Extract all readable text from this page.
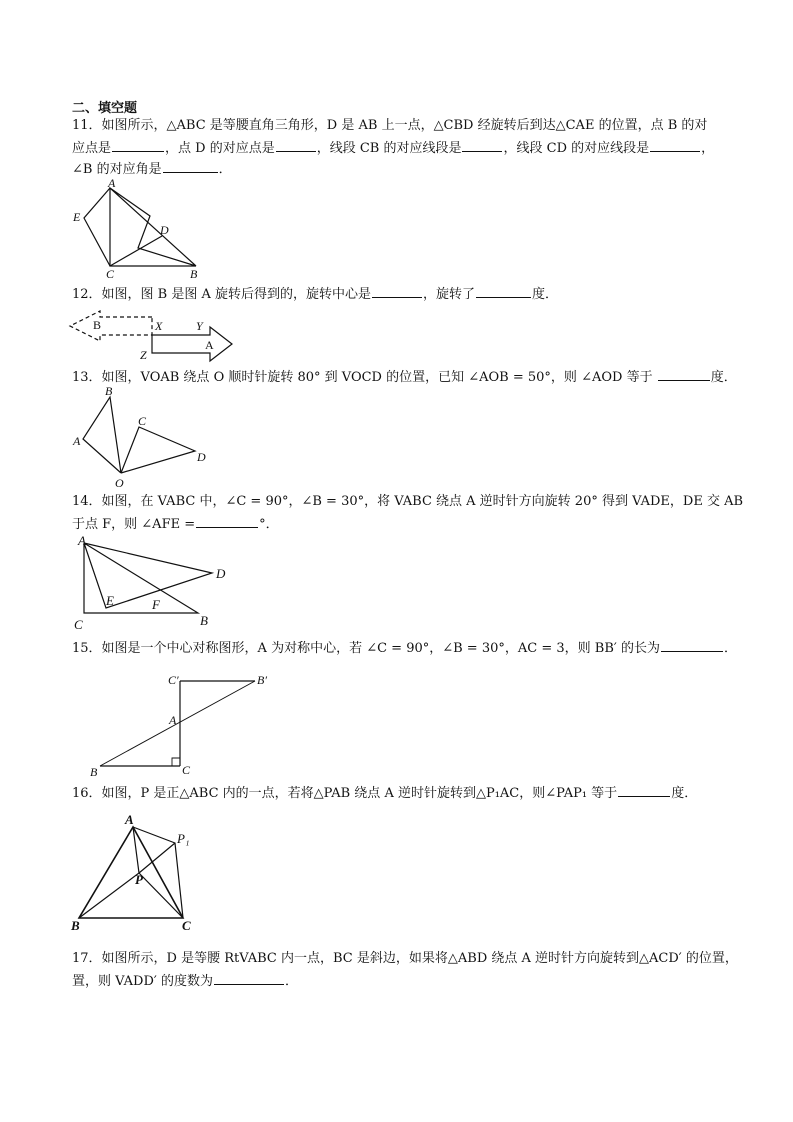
二、填空题
11．如图所示，△ABC 是等腰直角三角形，D 是 AB 上一点，△CBD 经旋转后到达△CAE 的位置，点 B 的对
应点是	，点 D 的对应点是	，线段 CB 的对应线段是	，线段 CD 的对应线段是	，
∠B 的对应角是	．
A
E
D
C	B
12．如图，图 B 是图 A 旋转后得到的，旋转中心是	，旋转了	度．
B	X	Y
A
Z
13．如图，VOAB 绕点 O 顺时针旋转 80° 到 VOCD 的位置，已知 ∠AOB = 50°，则 ∠AOD 等于	度．
B
C
A
D
O
14．如图，在 VABC 中，∠C = 90°，∠B = 30°，将 VABC 绕点 A 逆时针方向旋转 20° 得到 VADE，DE 交 AB
于点 F，则 ∠AFE =	°．
A
D
E	F
C	B
15．如图是一个中心对称图形，A 为对称中心，若 ∠C = 90°，∠B = 30°，AC = 3，则 BB′ 的长为	．
C′	B′
A
B	C
16．如图，P 是正△ABC 内的一点，若将△PAB 绕点 A 逆时针旋转到△P₁AC，则∠PAP₁ 等于	度．
A
P₁
P
B	C
17．如图所示，D 是等腰 RtVABC 内一点，BC 是斜边，如果将△ABD 绕点 A 逆时针方向旋转到△ACD′ 的位置，
置，则 VADD′ 的度数为	．
